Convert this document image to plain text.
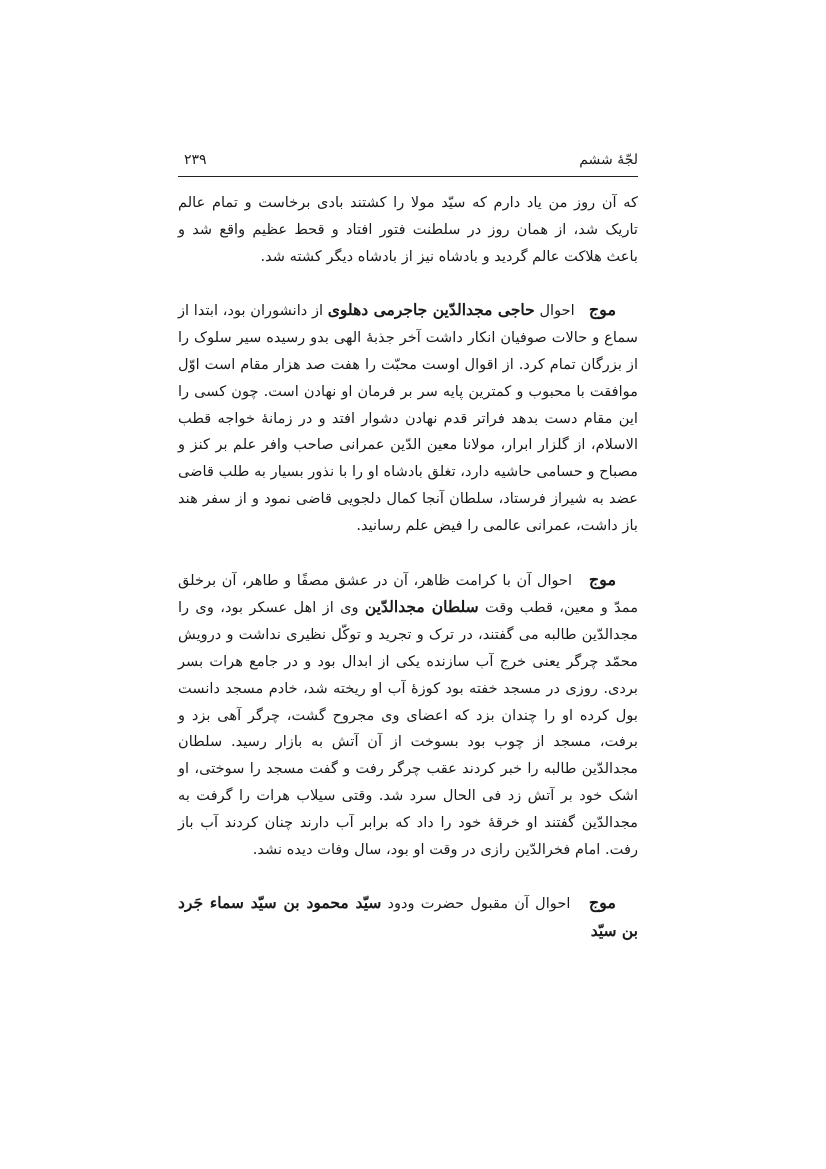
لجّهٔ ششم
۲۳۹

که آن روز من یاد دارم که سیّد مولا را کشتند بادی برخاست و تمام عالم تاریک شد، از همان روز در سلطنت فتور افتاد و قحط عظیم واقع شد و باعث هلاکت عالم گردید و بادشاه نیز از بادشاه دیگر کشته شد.

موج   احوال حاجی مجدالدّین جاجرمی دهلوی از دانشوران بود، ابتدا از سماع و حالات صوفیان انکار داشت آخر جذبهٔ الهی بدو رسیده سیر سلوک را از بزرگان تمام کرد. از اقوال اوست محبّت را هفت صد هزار مقام است اوّل موافقت با محبوب و کمترین پایه سر بر فرمان او نهادن است. چون کسی را این مقام دست بدهد فراتر قدم نهادن دشوار افتد و در زمانهٔ خواجه قطب الاسلام، از گلزار ابرار، مولانا معین الدّین عمرانی صاحب وافر علم بر کنز و مصباح و حسامی حاشیه دارد، تغلق بادشاه او را با نذور بسیار به طلب قاضی عضد به شیراز فرستاد، سلطان آنجا کمال دلجویی قاضی نمود و از سفر هند باز داشت، عمرانی عالمی را فیض علم رسانید.

موج   احوال آن با کرامت ظاهر، آن در عشق مصفًا و طاهر، آن برخلق ممدّ و معین، قطب وقت سلطان مجدالدّین وی از اهل عسکر بود، وی را مجدالدّین طالبه می گفتند، در ترک و تجرید و توکّل نظیری نداشت و درویش محمّد چرگر یعنی خرج آب سازنده یکی از ابدال بود و در جامع هرات بسر بردی. روزی در مسجد خفته بود کوزهٔ آب او ریخته شد، خادم مسجد دانست بول کرده او را چندان بزد که اعضای وی مجروح گشت، چرگر آهی بزد و برفت، مسجد از چوب بود بسوخت از آن آتش به بازار رسید. سلطان مجدالدّین طالبه را خبر کردند عقب چرگر رفت و گفت مسجد را سوختی، او اشک خود بر آتش زد فی الحال سرد شد. وقتی سیلاب هرات را گرفت به مجدالدّین گفتند او خرقهٔ خود را داد که برابر آب دارند چنان کردند آب باز رفت. امام فخرالدّین رازی در وقت او بود، سال وفات دیده نشد.

موج   احوال آن مقبول حضرت ودود سیّد محمود بن سیّد سماء جَرد بن سیّد
